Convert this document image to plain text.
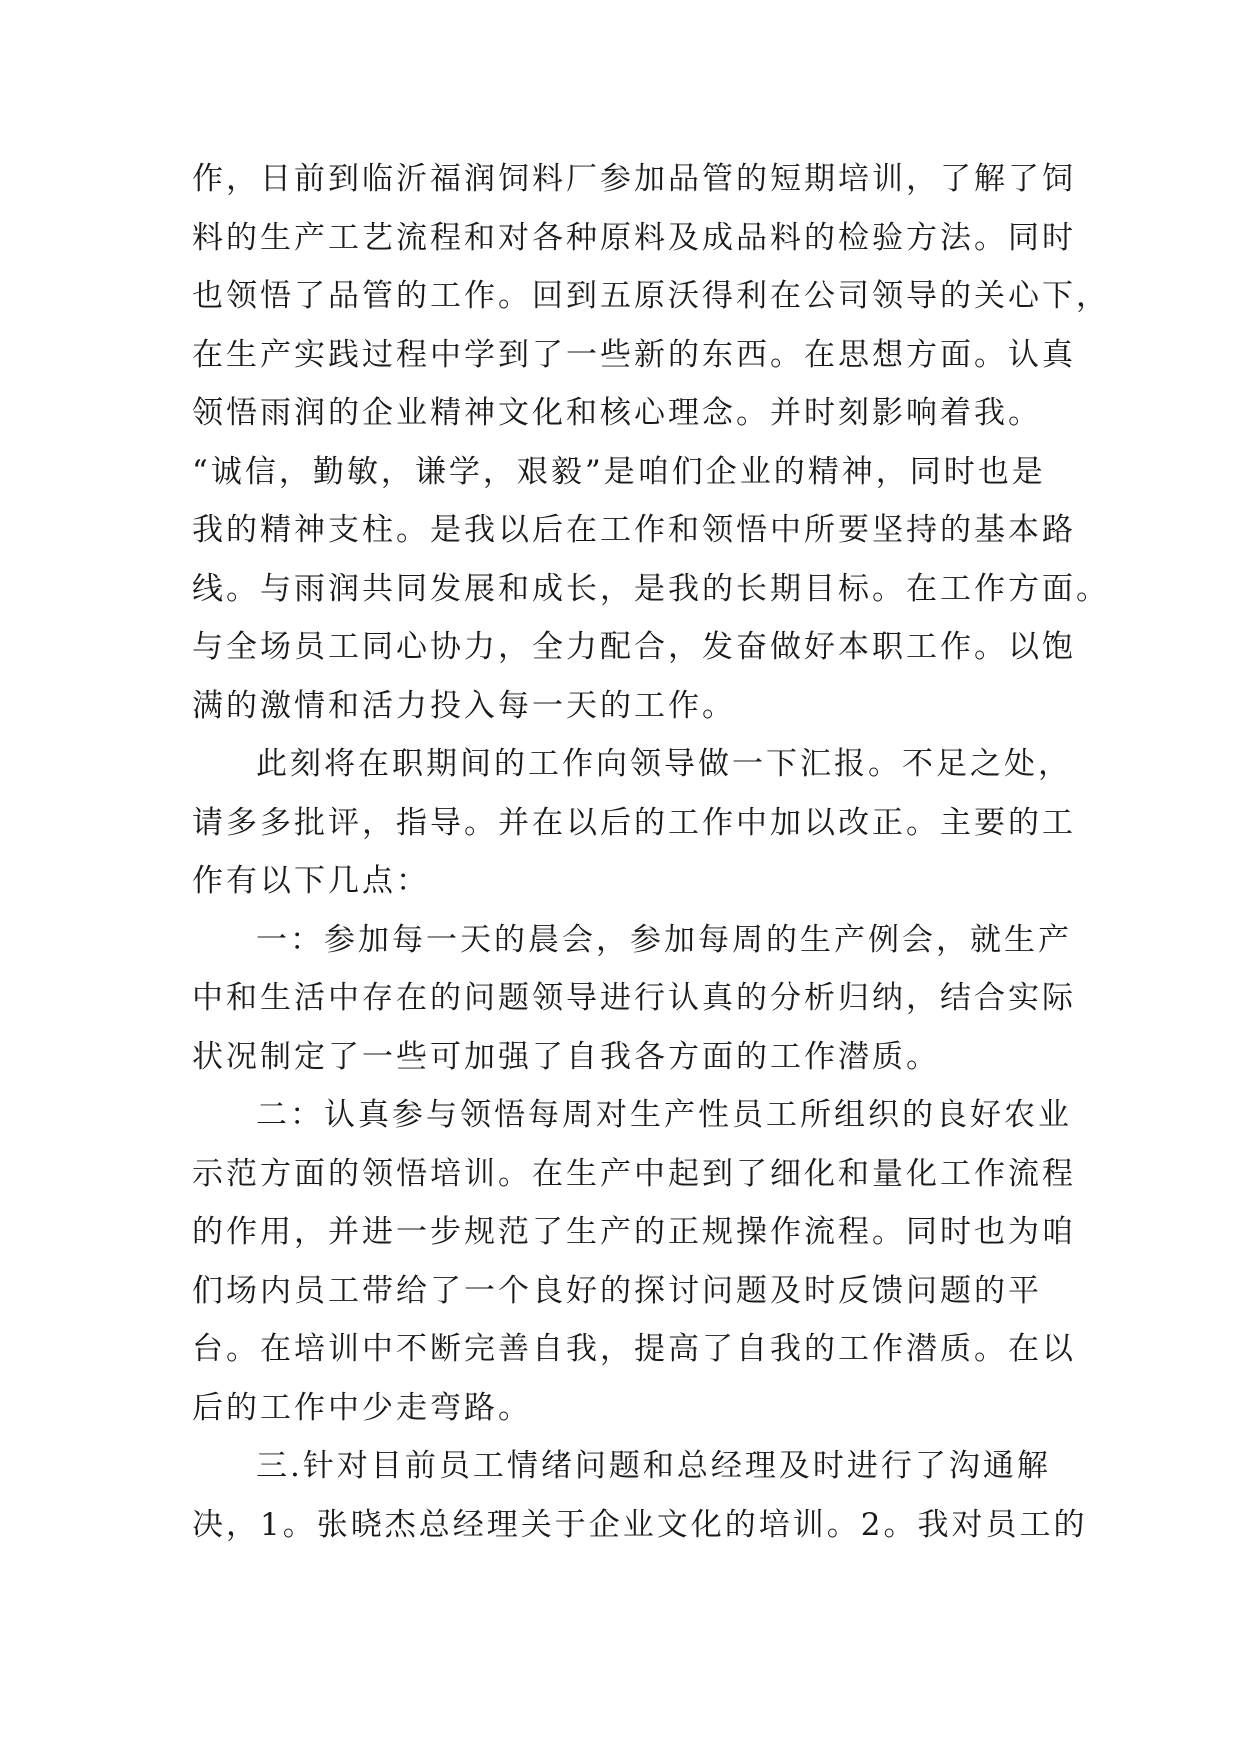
作，日前到临沂福润饲料厂参加品管的短期培训，了解了饲
料的生产工艺流程和对各种原料及成品料的检验方法。同时
也领悟了品管的工作。回到五原沃得利在公司领导的关心下，
在生产实践过程中学到了一些新的东西。在思想方面。认真
领悟雨润的企业精神文化和核心理念。并时刻影响着我。
“诚信，勤敏，谦学，艰毅”是咱们企业的精神，同时也是
我的精神支柱。是我以后在工作和领悟中所要坚持的基本路
线。与雨润共同发展和成长，是我的长期目标。在工作方面。
与全场员工同心协力，全力配合，发奋做好本职工作。以饱
满的激情和活力投入每一天的工作。
此刻将在职期间的工作向领导做一下汇报。不足之处，
请多多批评，指导。并在以后的工作中加以改正。主要的工
作有以下几点：
一：参加每一天的晨会，参加每周的生产例会，就生产
中和生活中存在的问题领导进行认真的分析归纳，结合实际
状况制定了一些可加强了自我各方面的工作潜质。
二：认真参与领悟每周对生产性员工所组织的良好农业
示范方面的领悟培训。在生产中起到了细化和量化工作流程
的作用，并进一步规范了生产的正规操作流程。同时也为咱
们场内员工带给了一个良好的探讨问题及时反馈问题的平
台。在培训中不断完善自我，提高了自我的工作潜质。在以
后的工作中少走弯路。
三.针对目前员工情绪问题和总经理及时进行了沟通解
决，1。张晓杰总经理关于企业文化的培训。2。我对员工的
